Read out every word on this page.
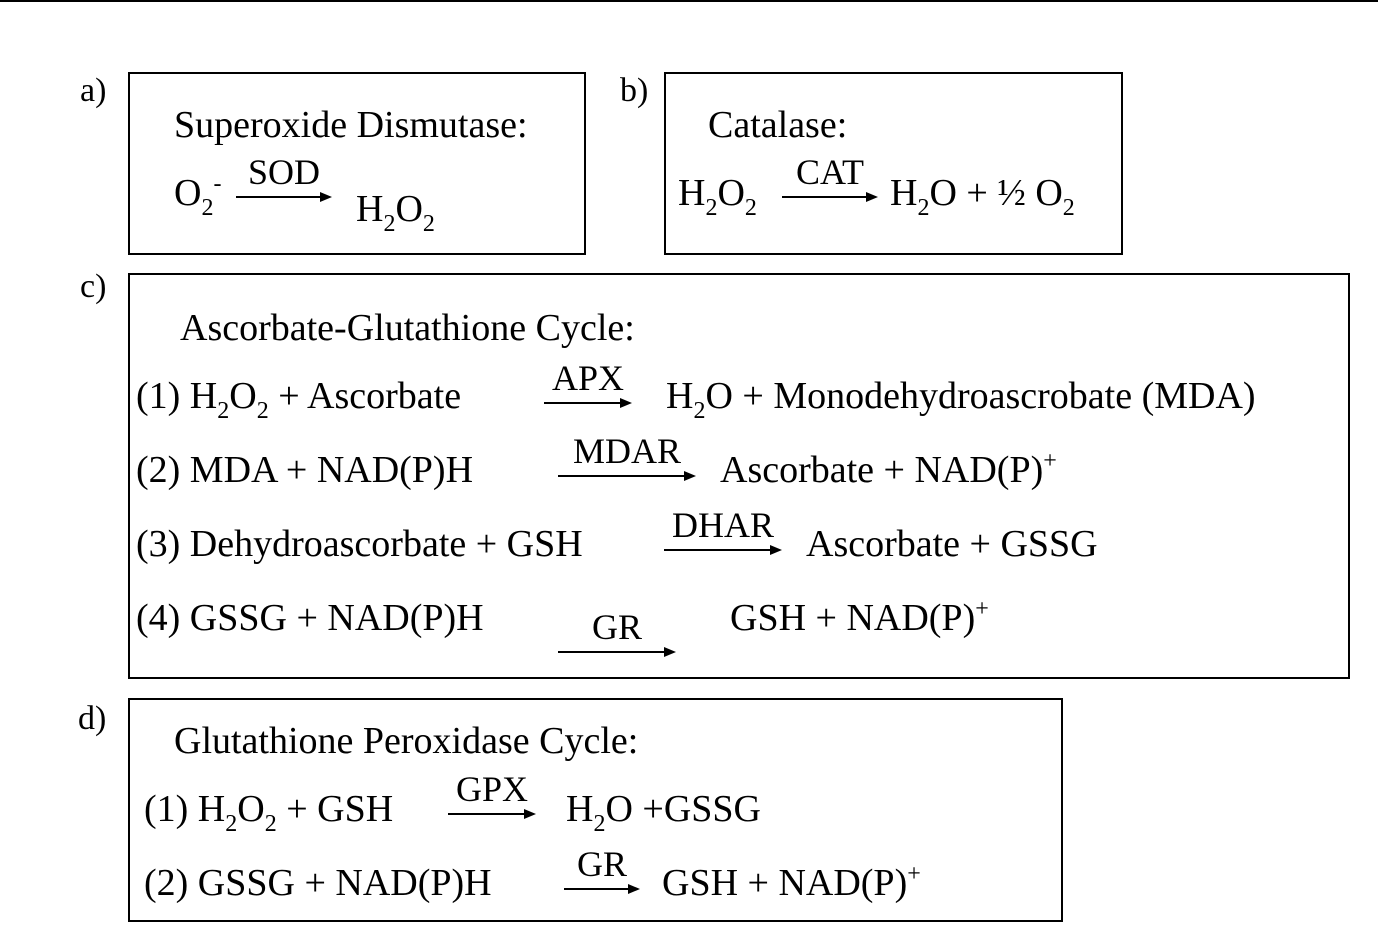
a)
Superoxide Dismutase:
$O_2^-$ SOD
$H_2O_2$
b)
Catalase:
$H_2O_2$
CAT $H_2O$ + ½ $O_2$
c)
Ascorbate-Glutathione Cycle:
(1) $H_2O_2$ + Ascorbate	APX $H_2O$ + Monodehydroascrobate (MDA)
(2) MDA + NAD(P)H	MDAR Ascorbate + NAD(P)+
(3) Dehydroascorbate + GSH DHAR Ascorbate + GSSG
(4) GSSG + NAD(P)H	GR GSH + NAD(P)+
d)
Glutathione Peroxidase Cycle:
(1) $H_2O_2$ + GSH GPX $H_2O$ +GSSG
(2) GSSG + NAD(P)H GR GSH + NAD(P)+
